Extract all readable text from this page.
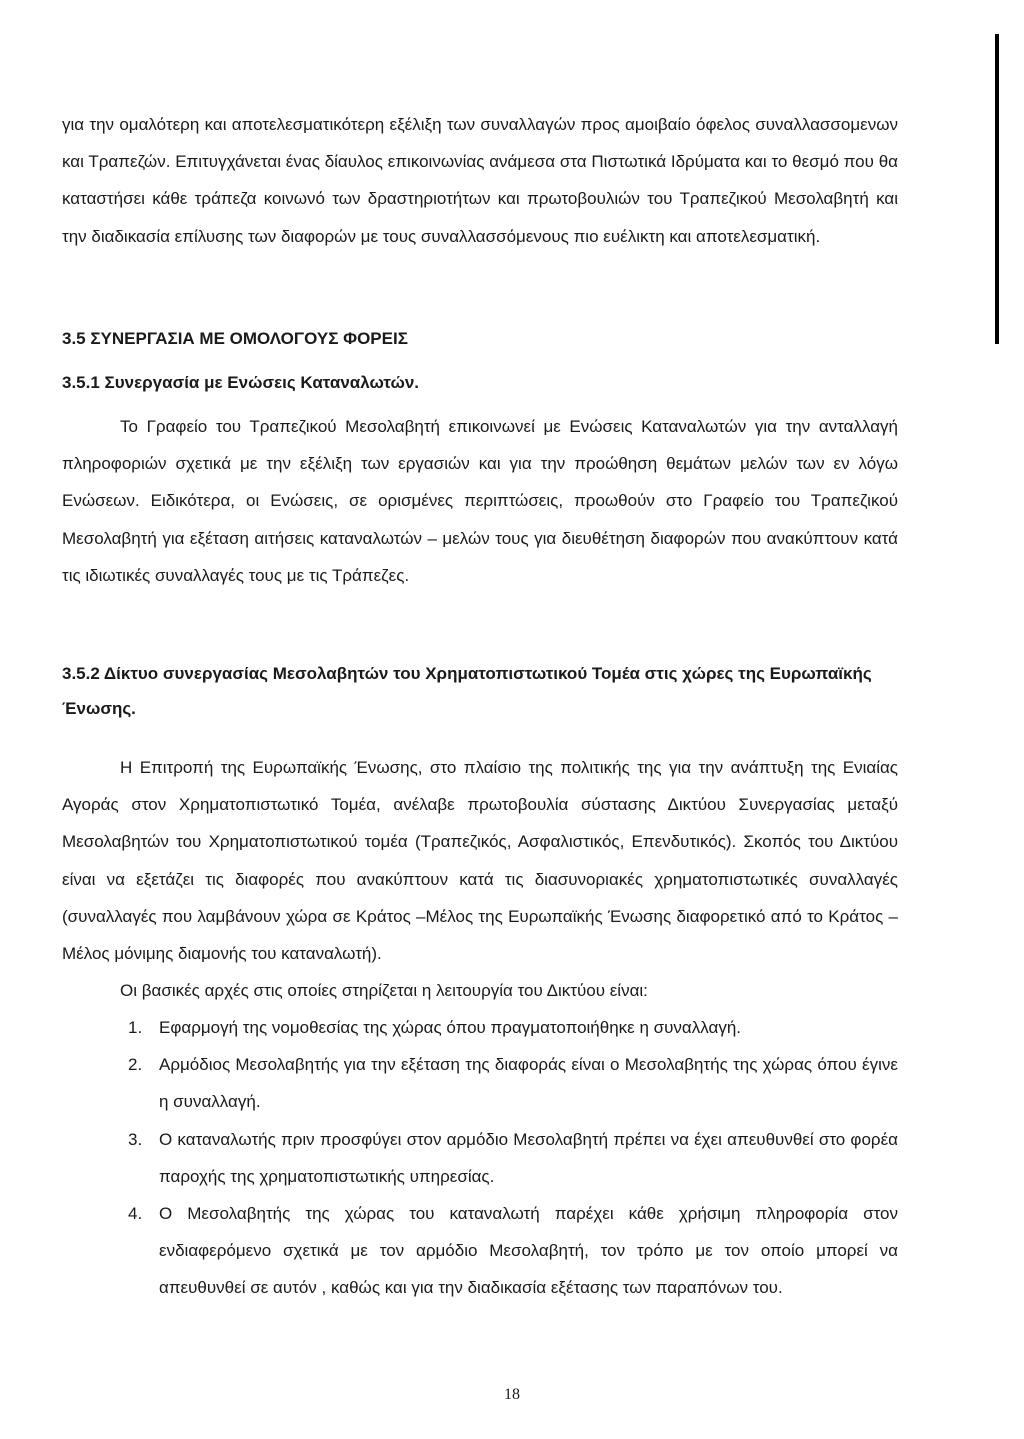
για την ομαλότερη και αποτελεσματικότερη εξέλιξη των συναλλαγών προς αμοιβαίο όφελος συναλλασσομενων και Τραπεζών. Επιτυγχάνεται ένας δίαυλος επικοινωνίας ανάμεσα στα Πιστωτικά Ιδρύματα και το θεσμό που θα καταστήσει κάθε τράπεζα κοινωνό των δραστηριοτήτων και πρωτοβουλιών του Τραπεζικού Μεσολαβητή και την διαδικασία επίλυσης των διαφορών με τους συναλλασσόμενους πιο ευέλικτη και αποτελεσματική.

3.5 ΣΥΝΕΡΓΑΣΙΑ ΜΕ ΟΜΟΛΟΓΟΥΣ ΦΟΡΕΙΣ
3.5.1 Συνεργασία με Ενώσεις Καταναλωτών.

Το Γραφείο του Τραπεζικού Μεσολαβητή επικοινωνεί με Ενώσεις Καταναλωτών για την ανταλλαγή πληροφοριών σχετικά με την εξέλιξη των εργασιών και για την προώθηση θεμάτων μελών των εν λόγω Ενώσεων. Ειδικότερα, οι Ενώσεις, σε ορισμένες περιπτώσεις, προωθούν στο Γραφείο του Τραπεζικού Μεσολαβητή για εξέταση αιτήσεις καταναλωτών – μελών τους για διευθέτηση διαφορών που ανακύπτουν κατά τις ιδιωτικές συναλλαγές τους με τις Τράπεζες.

3.5.2 Δίκτυο συνεργασίας Μεσολαβητών του Χρηματοπιστωτικού Τομέα στις χώρες της Ευρωπαϊκής Ένωσης.

Η Επιτροπή της Ευρωπαϊκής Ένωσης, στο πλαίσιο της πολιτικής της για την ανάπτυξη της Ενιαίας Αγοράς στον Χρηματοπιστωτικό Τομέα, ανέλαβε πρωτοβουλία σύστασης Δικτύου Συνεργασίας μεταξύ Μεσολαβητών του Χρηματοπιστωτικού τομέα (Τραπεζικός, Ασφαλιστικός, Επενδυτικός). Σκοπός του Δικτύου είναι να εξετάζει τις διαφορές που ανακύπτουν κατά τις διασυνοριακές χρηματοπιστωτικές συναλλαγές (συναλλαγές που λαμβάνουν χώρα σε Κράτος –Μέλος της Ευρωπαϊκής Ένωσης διαφορετικό από το Κράτος – Μέλος μόνιμης διαμονής του καταναλωτή).

Οι βασικές αρχές στις οποίες στηρίζεται η λειτουργία του Δικτύου είναι:

1. Εφαρμογή της νομοθεσίας της χώρας όπου πραγματοποιήθηκε η συναλλαγή.
2. Αρμόδιος Μεσολαβητής για την εξέταση της διαφοράς είναι ο Μεσολαβητής της χώρας όπου έγινε η συναλλαγή.
3. Ο καταναλωτής πριν προσφύγει στον αρμόδιο Μεσολαβητή πρέπει να έχει απευθυνθεί στο φορέα παροχής της χρηματοπιστωτικής υπηρεσίας.
4. Ο Μεσολαβητής της χώρας του καταναλωτή παρέχει κάθε χρήσιμη πληροφορία στον ενδιαφερόμενο σχετικά με τον αρμόδιο Μεσολαβητή, τον τρόπο με τον οποίο μπορεί να απευθυνθεί σε αυτόν , καθώς και για την διαδικασία εξέτασης των παραπόνων του.
18
